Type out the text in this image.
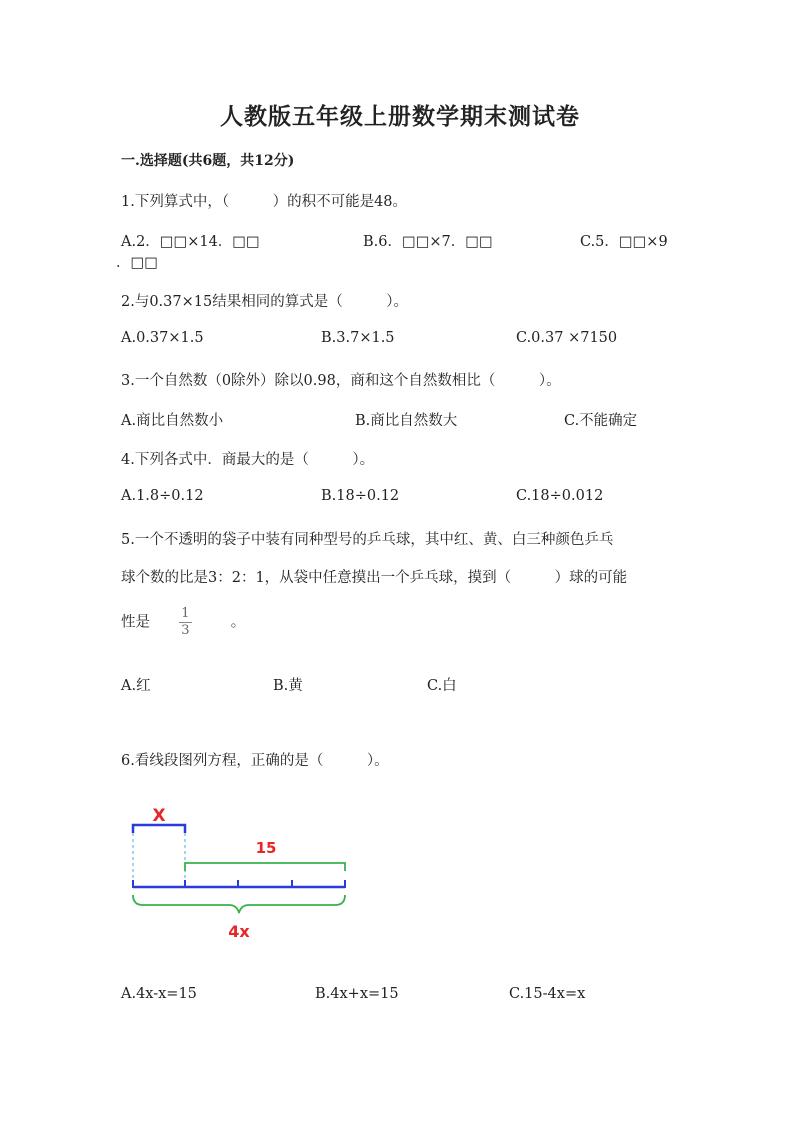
人教版五年级上册数学期末测试卷
一.选择题(共6题，共12分)
1.下列算式中，（　　　）的积不可能是48。
A.2．□□×14．□□	B.6．□□×7．□□	C.5．□□×9
．□□
2.与0.37×15结果相同的算式是（　　　）。
A.0.37×1.5	B.3.7×1.5	C.0.37 ×7150
3.一个自然数（0除外）除以0.98，商和这个自然数相比（　　　）。
A.商比自然数小	B.商比自然数大	C.不能确定
4.下列各式中．商最大的是（　　　）。
A.1.8÷0.12	B.18÷0.12	C.18÷0.012
5.一个不透明的袋子中装有同种型号的乒乓球，其中红、黄、白三种颜色乒乓
球个数的比是3：2：1，从袋中任意摸出一个乒乓球，摸到（　　　）球的可能
性是 $\frac{1}{3}$	。
A.红	B.黄	C.白
6.看线段图列方程，正确的是（　　　）。
X
15
4x
A.4x-x=15	B.4x+x=15	C.15-4x=x
